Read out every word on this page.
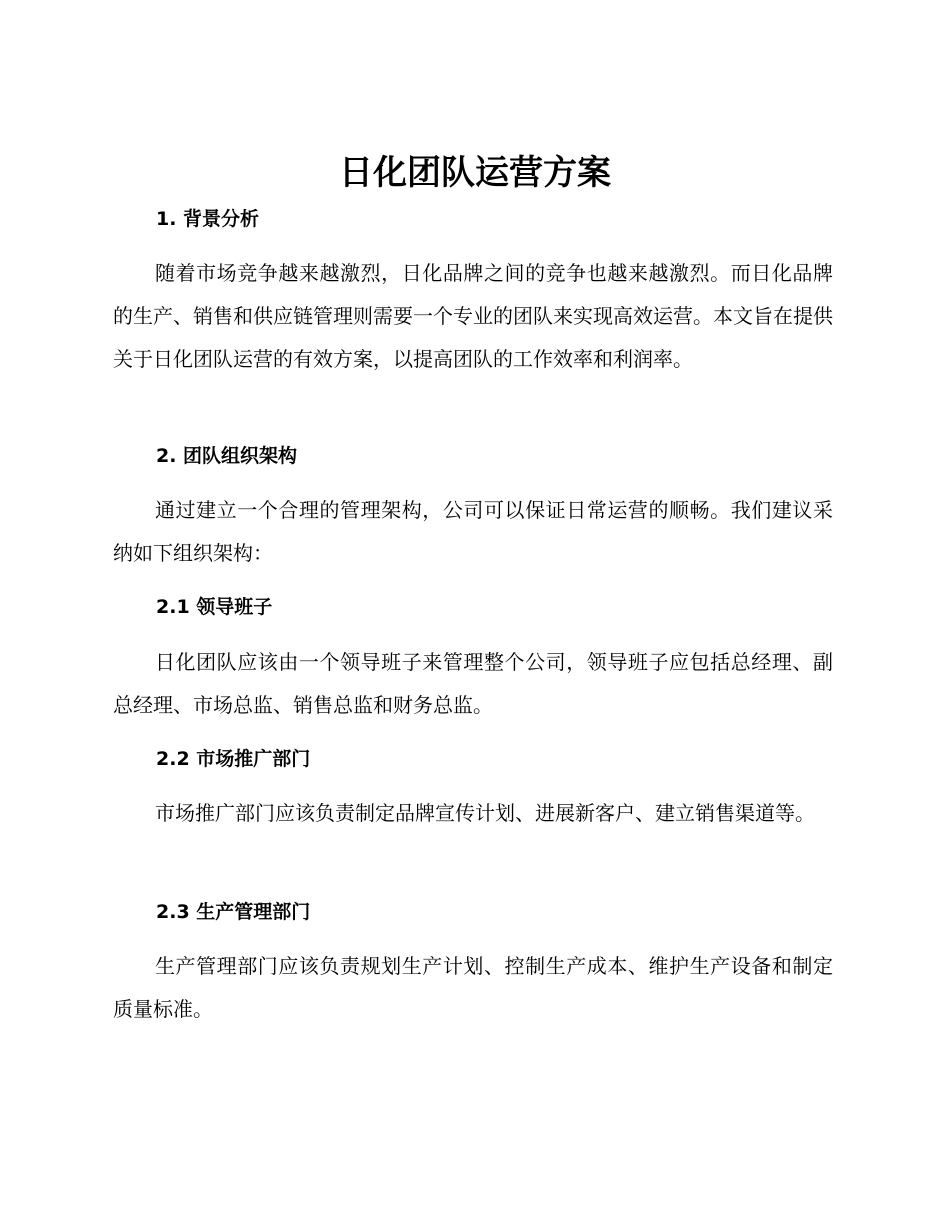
日化团队运营方案
1. 背景分析

随着市场竞争越来越激烈，日化品牌之间的竞争也越来越激烈。而日化品牌的生产、销售和供应链管理则需要一个专业的团队来实现高效运营。本文旨在提供关于日化团队运营的有效方案，以提高团队的工作效率和利润率。

2. 团队组织架构

通过建立一个合理的管理架构，公司可以保证日常运营的顺畅。我们建议采纳如下组织架构：

2.1 领导班子

日化团队应该由一个领导班子来管理整个公司，领导班子应包括总经理、副总经理、市场总监、销售总监和财务总监。

2.2 市场推广部门

市场推广部门应该负责制定品牌宣传计划、进展新客户、建立销售渠道等。

2.3 生产管理部门

生产管理部门应该负责规划生产计划、控制生产成本、维护生产设备和制定质量标准。
